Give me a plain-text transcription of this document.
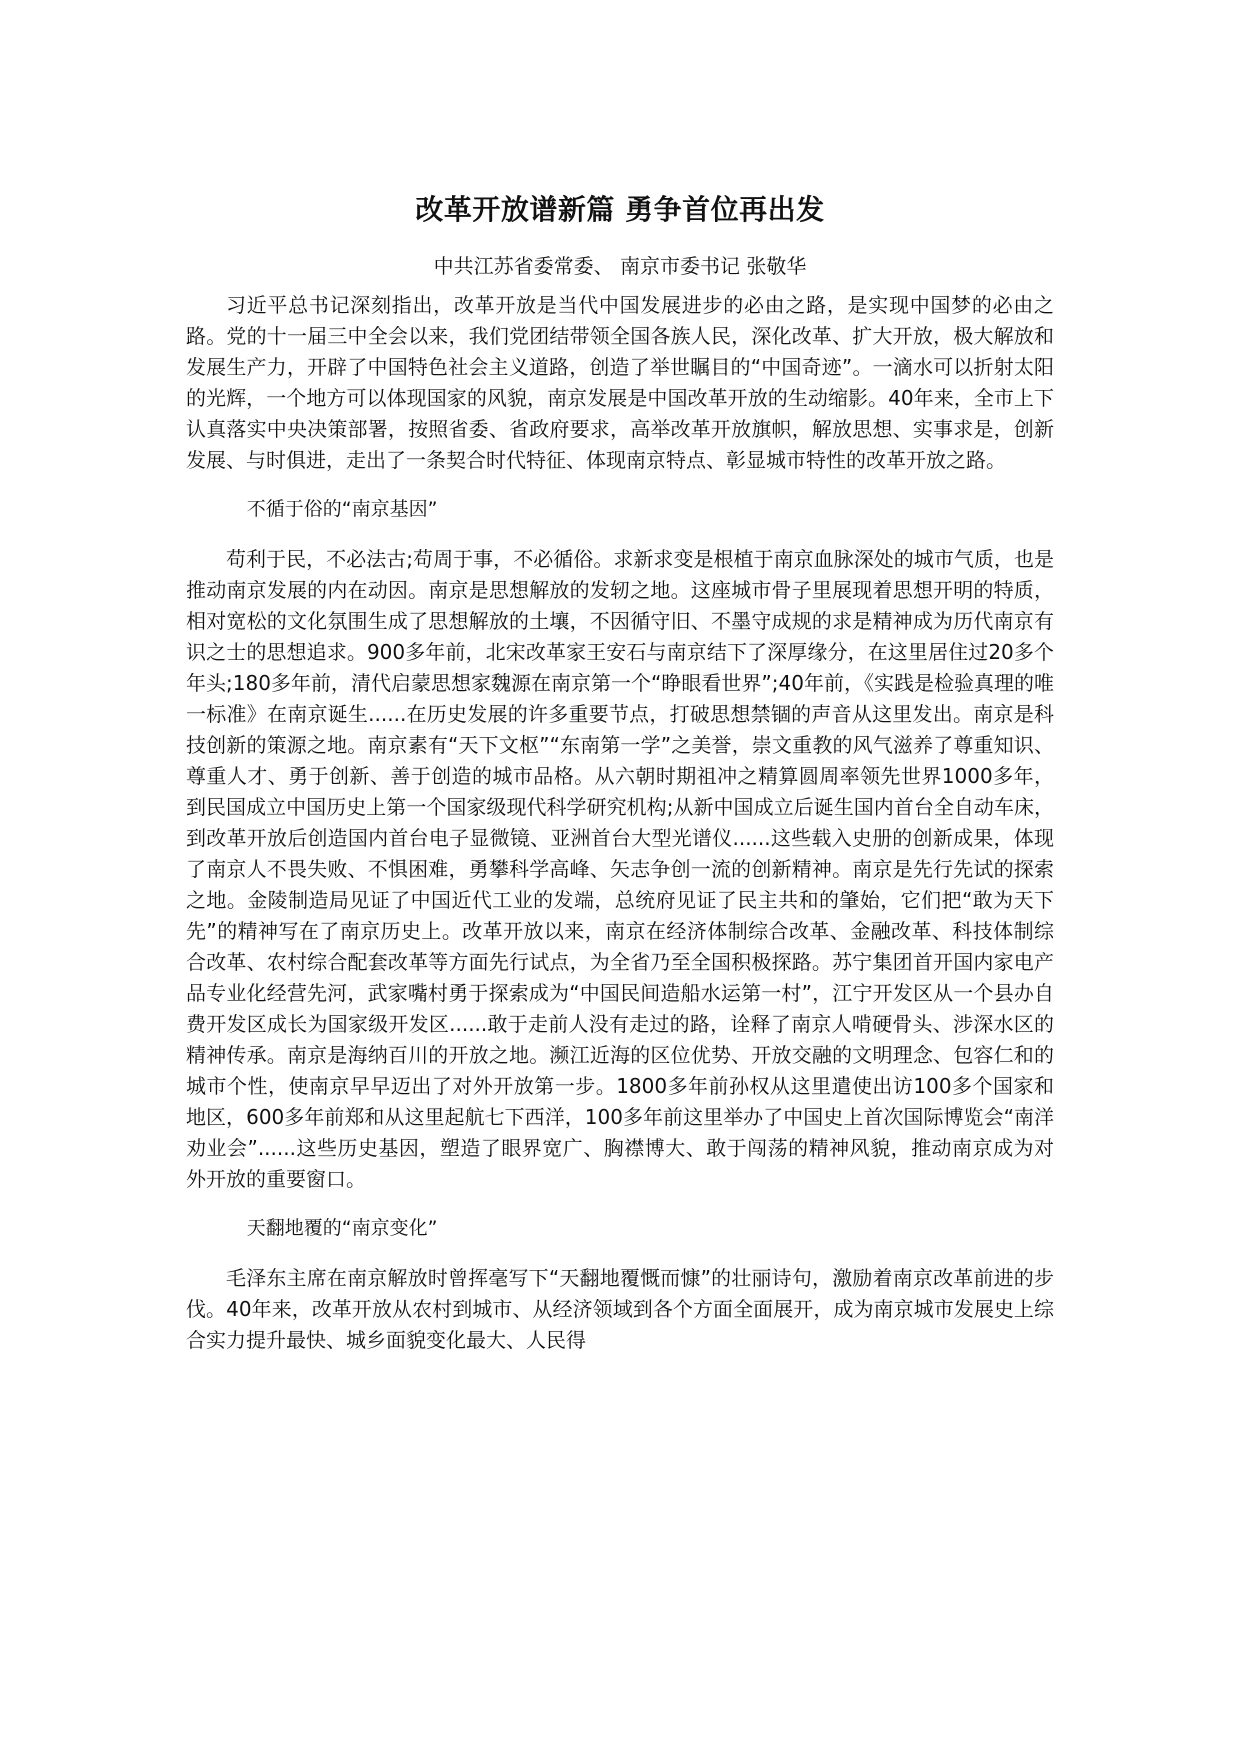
改革开放谱新篇 勇争首位再出发

中共江苏省委常委、 南京市委书记 张敬华

习近平总书记深刻指出，改革开放是当代中国发展进步的必由之路，是实现中国梦的必由之路。党的十一届三中全会以来，我们党团结带领全国各族人民，深化改革、扩大开放，极大解放和发展生产力，开辟了中国特色社会主义道路，创造了举世瞩目的“中国奇迹”。一滴水可以折射太阳的光辉，一个地方可以体现国家的风貌，南京发展是中国改革开放的生动缩影。40年来，全市上下认真落实中央决策部署，按照省委、省政府要求，高举改革开放旗帜，解放思想、实事求是，创新发展、与时俱进，走出了一条契合时代特征、体现南京特点、彰显城市特性的改革开放之路。

不循于俗的“南京基因”

苟利于民，不必法古;苟周于事，不必循俗。求新求变是根植于南京血脉深处的城市气质，也是推动南京发展的内在动因。南京是思想解放的发轫之地。这座城市骨子里展现着思想开明的特质，相对宽松的文化氛围生成了思想解放的土壤，不因循守旧、不墨守成规的求是精神成为历代南京有识之士的思想追求。900多年前，北宋改革家王安石与南京结下了深厚缘分，在这里居住过20多个年头;180多年前，清代启蒙思想家魏源在南京第一个“睁眼看世界”;40年前，《实践是检验真理的唯一标准》在南京诞生......在历史发展的许多重要节点，打破思想禁锢的声音从这里发出。南京是科技创新的策源之地。南京素有“天下文枢”“东南第一学”之美誉，崇文重教的风气滋养了尊重知识、尊重人才、勇于创新、善于创造的城市品格。从六朝时期祖冲之精算圆周率领先世界1000多年，到民国成立中国历史上第一个国家级现代科学研究机构;从新中国成立后诞生国内首台全自动车床，到改革开放后创造国内首台电子显微镜、亚洲首台大型光谱仪......这些载入史册的创新成果，体现了南京人不畏失败、不惧困难，勇攀科学高峰、矢志争创一流的创新精神。南京是先行先试的探索之地。金陵制造局见证了中国近代工业的发端，总统府见证了民主共和的肇始，它们把“敢为天下先”的精神写在了南京历史上。改革开放以来，南京在经济体制综合改革、金融改革、科技体制综合改革、农村综合配套改革等方面先行试点，为全省乃至全国积极探路。苏宁集团首开国内家电产品专业化经营先河，武家嘴村勇于探索成为“中国民间造船水运第一村”，江宁开发区从一个县办自费开发区成长为国家级开发区......敢于走前人没有走过的路，诠释了南京人啃硬骨头、涉深水区的精神传承。南京是海纳百川的开放之地。濒江近海的区位优势、开放交融的文明理念、包容仁和的城市个性，使南京早早迈出了对外开放第一步。1800多年前孙权从这里遣使出访100多个国家和地区，600多年前郑和从这里起航七下西洋，100多年前这里举办了中国史上首次国际博览会“南洋劝业会”......这些历史基因，塑造了眼界宽广、胸襟博大、敢于闯荡的精神风貌，推动南京成为对外开放的重要窗口。

天翻地覆的“南京变化”

毛泽东主席在南京解放时曾挥毫写下“天翻地覆慨而慷”的壮丽诗句，激励着南京改革前进的步伐。40年来，改革开放从农村到城市、从经济领域到各个方面全面展开，成为南京城市发展史上综合实力提升最快、城乡面貌变化最大、人民得
